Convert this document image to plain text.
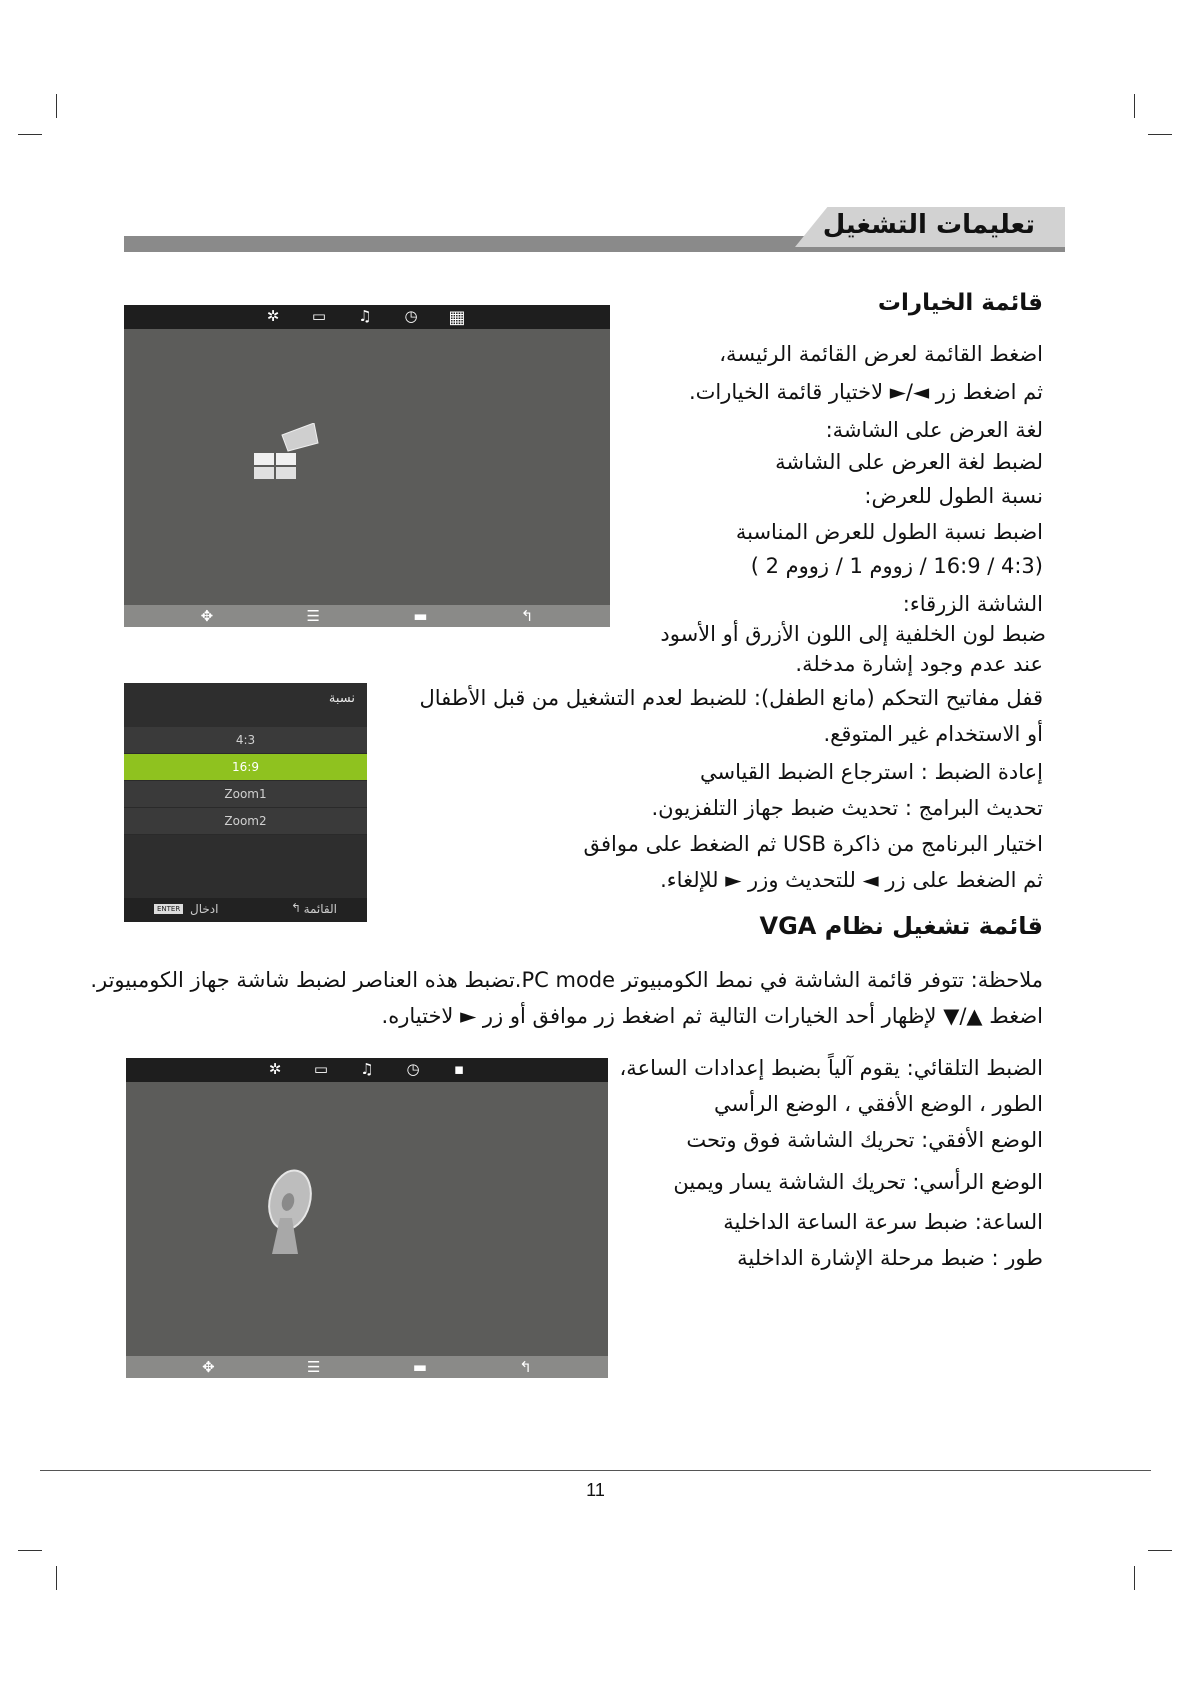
تعليمات التشغيل
✲ ▭ ♫ ◷ ▦
✥	☰	▬	↰
قائمة الخيارات
اضغط القائمة لعرض القائمة الرئيسة،
ثم اضغط زر ◄/► لاختيار قائمة الخيارات.
لغة العرض على الشاشة:
لضبط لغة العرض على الشاشة
نسبة الطول للعرض:
اضبط نسبة الطول للعرض المناسبة
(4:3 / 16:9 / زووم 1 / زووم 2 )
الشاشة الزرقاء:
ضبط لون الخلفية إلى اللون الأزرق أو الأسود
عند عدم وجود إشارة مدخلة.
قفل مفاتيح التحكم (مانع الطفل): للضبط لعدم التشغيل من قبل الأطفال
أو الاستخدام غير المتوقع.
إعادة الضبط : استرجاع الضبط القياسي
تحديث البرامج : تحديث ضبط جهاز التلفزيون.
اختيار البرنامج من ذاكرة USB ثم الضغط على موافق
ثم الضغط على زر ◄ للتحديث وزر ► للإلغاء.
نسبة
4:3
16:9
Zoom1
Zoom2
ENTER ادخال	↰ القائمة
قائمة تشغيل نظام VGA
ملاحظة: تتوفر قائمة الشاشة في نمط الكومبيوتر PC mode.تضبط هذه العناصر لضبط شاشة جهاز الكومبيوتر.
اضغط ▲/▼ لإظهار أحد الخيارات التالية ثم اضغط زر موافق أو زر ► لاختياره.
✲ ▭ ♫ ◷ ▪
✥	☰	▬	↰
الضبط التلقائي: يقوم آلياً بضبط إعدادات الساعة،
الطور ، الوضع الأفقي ، الوضع الرأسي
الوضع الأفقي: تحريك الشاشة فوق وتحت
الوضع الرأسي: تحريك الشاشة يسار ويمين
الساعة: ضبط سرعة الساعة الداخلية
طور : ضبط مرحلة الإشارة الداخلية
11
